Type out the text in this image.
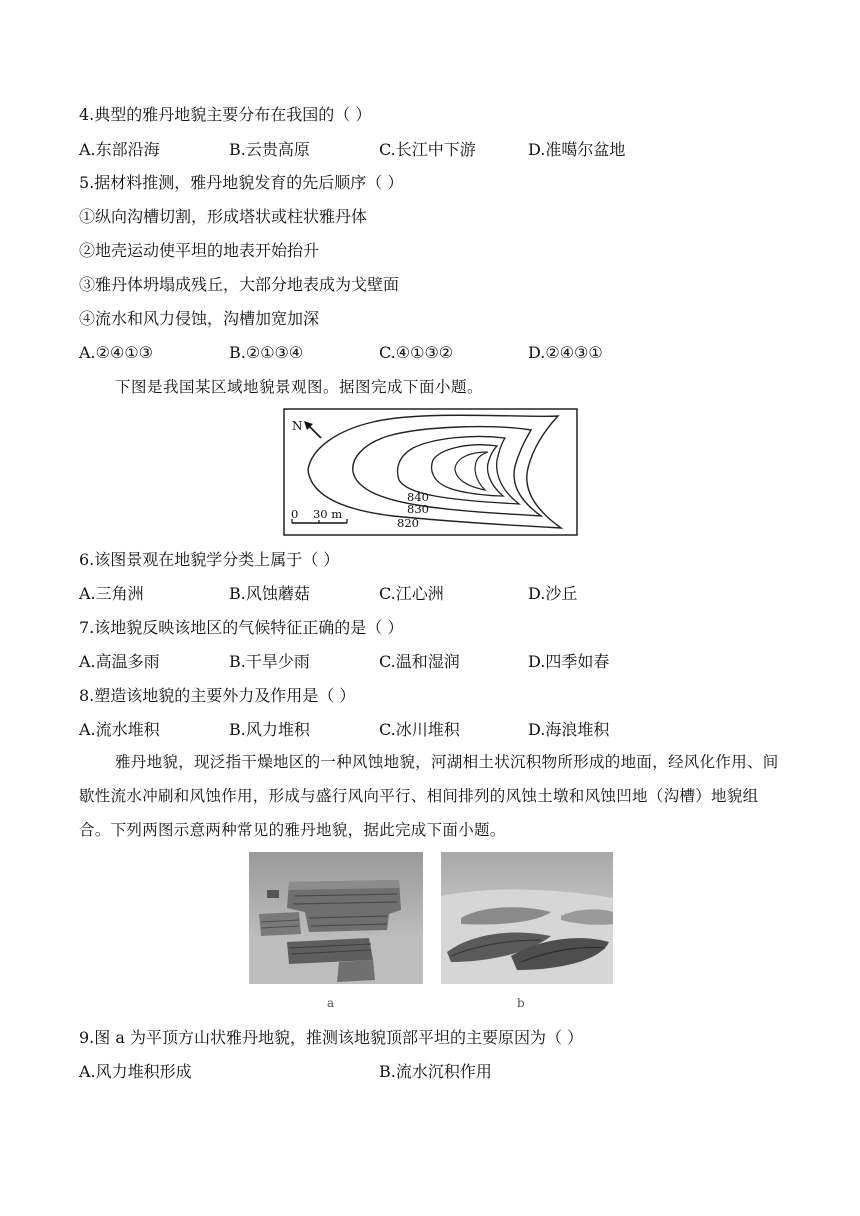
4.典型的雅丹地貌主要分布在我国的（ ）
A.东部沿海	B.云贵高原	C.长江中下游	D.准噶尔盆地
5.据材料推测，雅丹地貌发育的先后顺序（ ）
①纵向沟槽切割，形成塔状或柱状雅丹体
②地壳运动使平坦的地表开始抬升
③雅丹体坍塌成残丘，大部分地表成为戈壁面
④流水和风力侵蚀，沟槽加宽加深
A.②④①③	B.②①③④	C.④①③②	D.②④③①
下图是我国某区域地貌景观图。据图完成下面小题。
N
0    30 m
840
830
820
6.该图景观在地貌学分类上属于（ ）
A.三角洲	B.风蚀蘑菇	C.江心洲	D.沙丘
7.该地貌反映该地区的气候特征正确的是（ ）
A.高温多雨	B.干旱少雨	C.温和湿润	D.四季如春
8.塑造该地貌的主要外力及作用是（ ）
A.流水堆积	B.风力堆积	C.冰川堆积	D.海浪堆积
雅丹地貌，现泛指干燥地区的一种风蚀地貌，河湖相土状沉积物所形成的地面，经风化作用、间歇性流水冲刷和风蚀作用，形成与盛行风向平行、相间排列的风蚀土墩和风蚀凹地（沟槽）地貌组合。下列两图示意两种常见的雅丹地貌，据此完成下面小题。
a	b
9.图 a 为平顶方山状雅丹地貌，推测该地貌顶部平坦的主要原因为（ ）
A.风力堆积形成	B.流水沉积作用
